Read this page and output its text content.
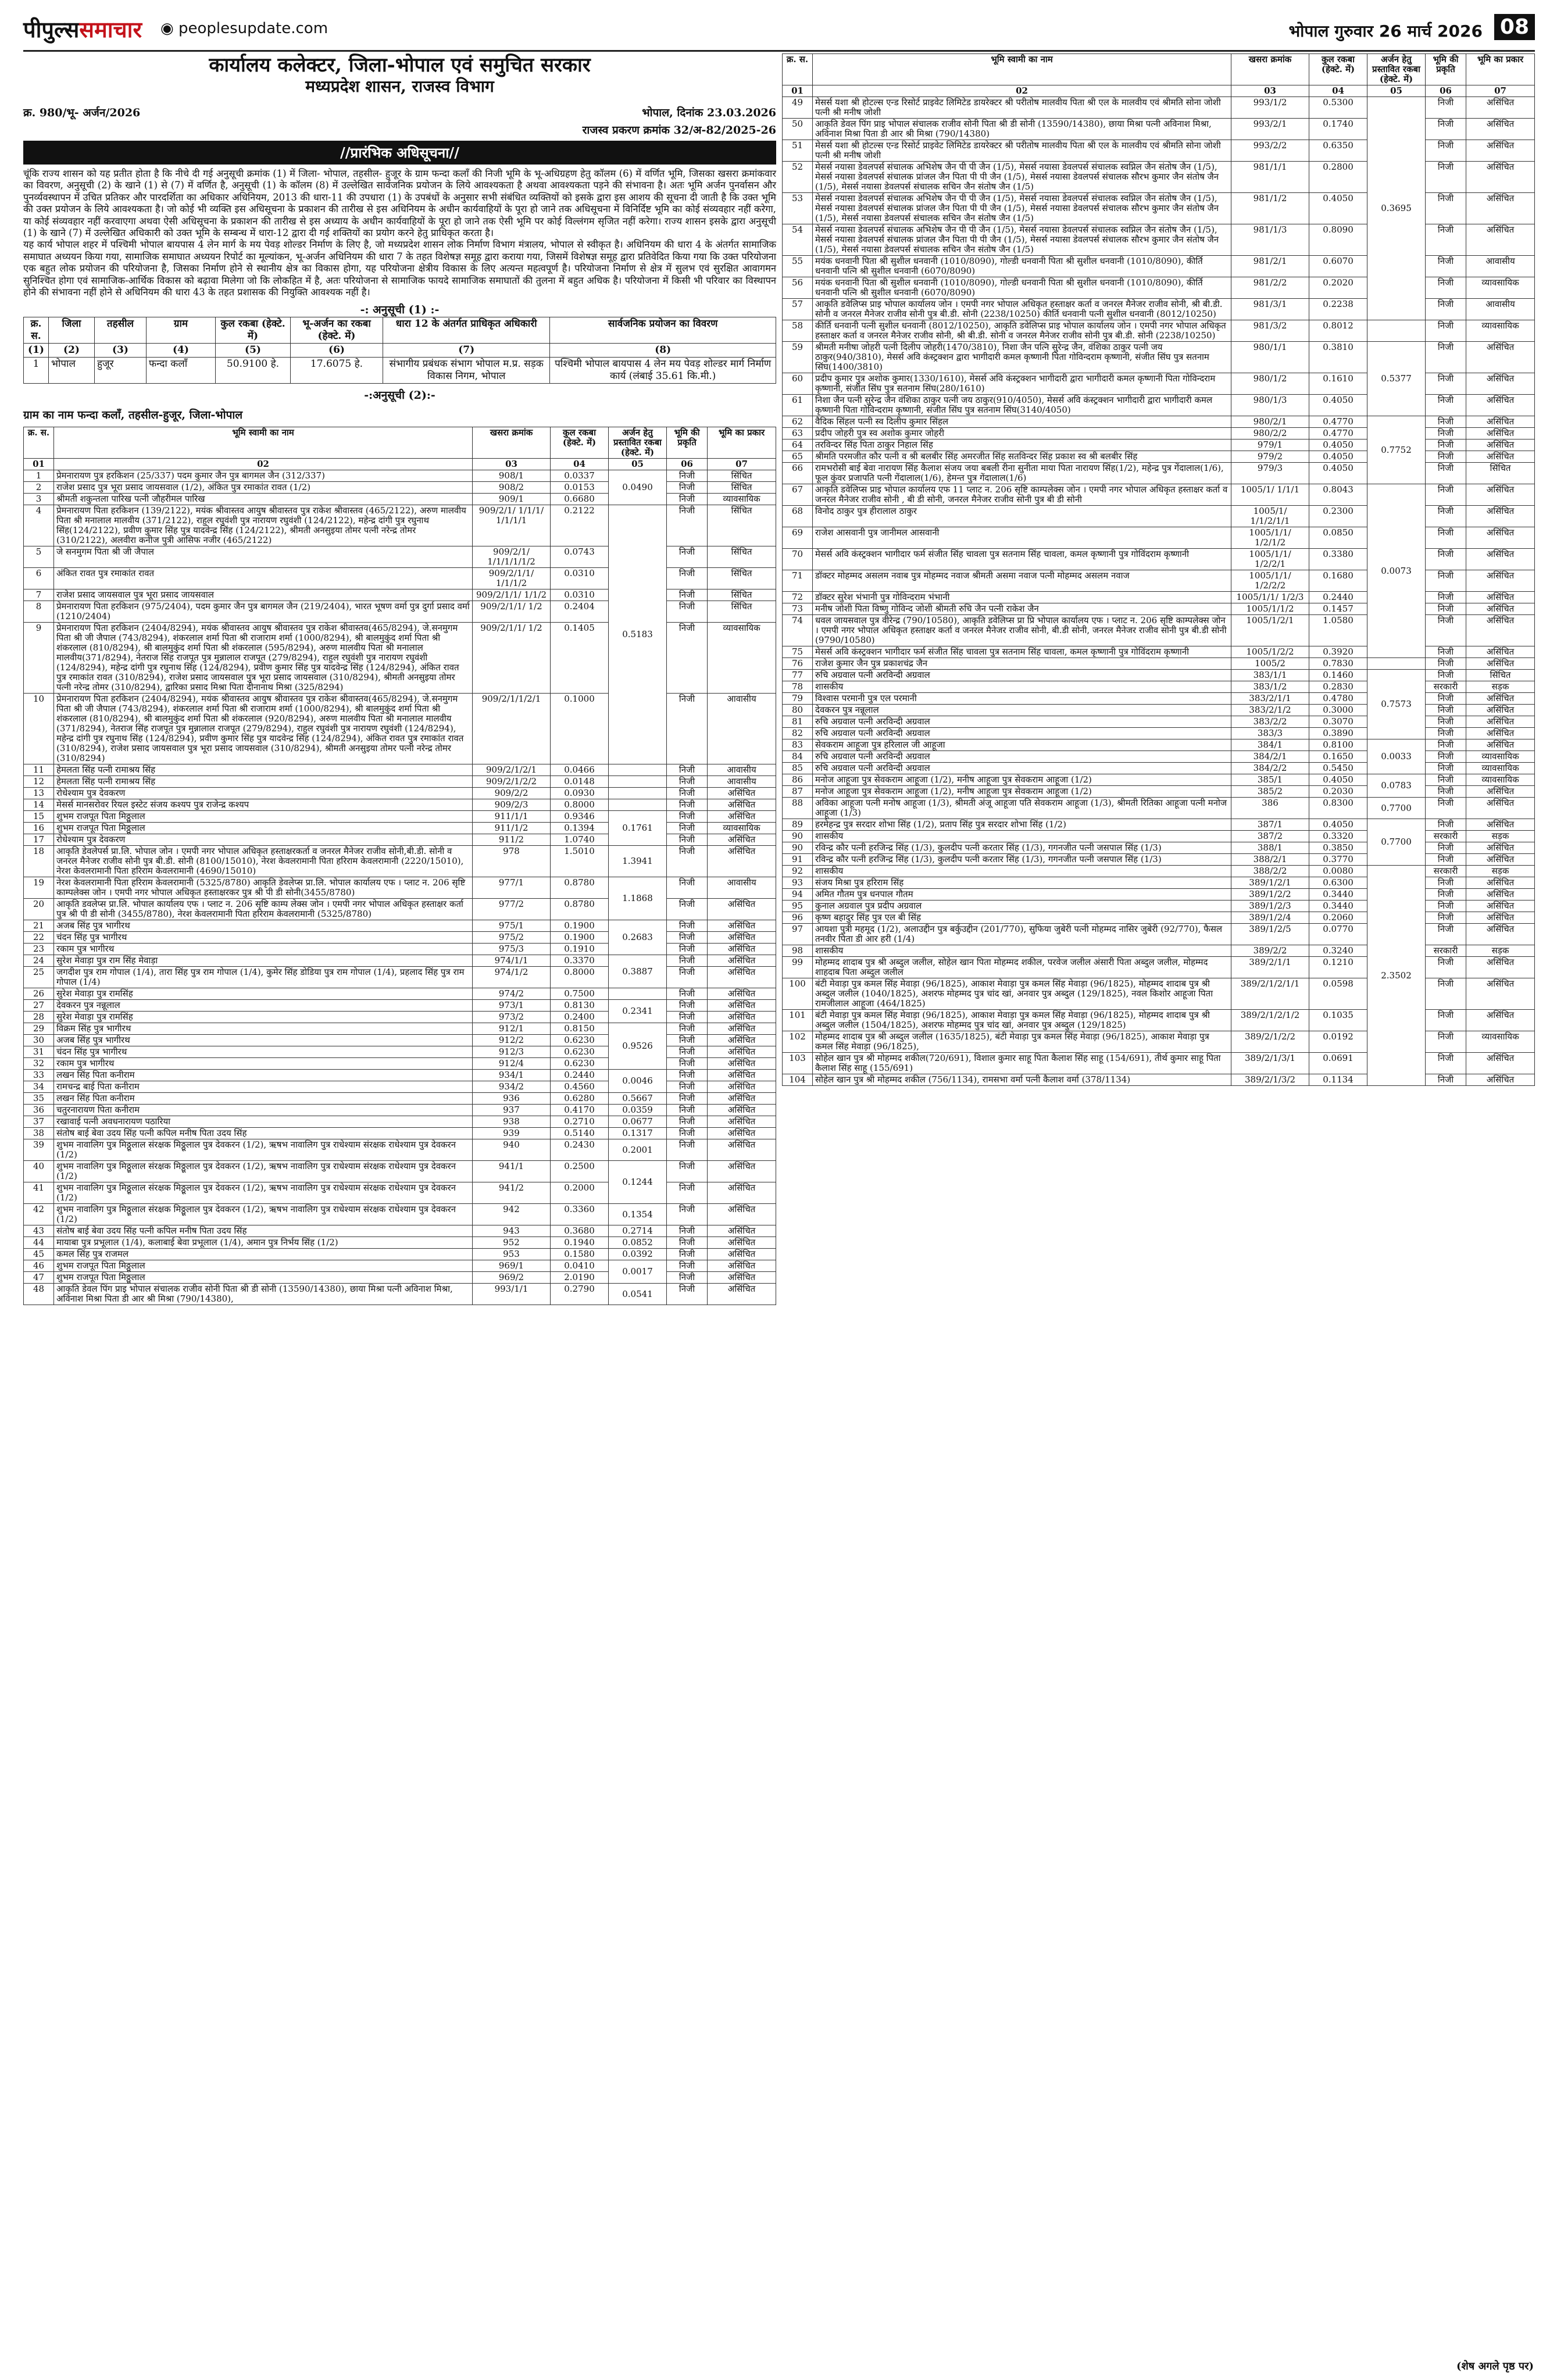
पीपुल्ससमाचार ◉ peoplesupdate.com	भोपाल गुरुवार 26 मार्च 2026 08
कार्यालय कलेक्टर, जिला-भोपाल एवं समुचित सरकार
मध्यप्रदेश शासन, राजस्व विभाग
क्र. 980/भू- अर्जन/2026	भोपाल, दिनांक 23.03.2026
राजस्व प्रकरण क्रमांक 32/अ-82/2025-26
//प्रारंभिक अधिसूचना//

चूंकि राज्य शासन को यह प्रतीत होता है कि नीचे दी गई अनुसूची क्रमांक (1) में जिला- भोपाल, तहसील- हुजूर के ग्राम फन्दा कलाँ की निजी भूमि के भू-अधिग्रहण हेतु कॉलम (6) में वर्णित भूमि, जिसका खसरा क्रमांकवार का विवरण, अनुसूची (2) के खाने (1) से (7) में वर्णित है, अनुसूची (1) के कॉलम (8) में उल्लेखित सार्वजनिक प्रयोजन के लिये आवश्यकता है अथवा आवश्यकता पड़ने की संभावना है। अतः भूमि अर्जन पुनर्वासन और पुनर्व्यवस्थापन में उचित प्रतिकर और पारदर्शिता का अधिकार अधिनियम, 2013 की धारा-11 की उपधारा (1) के उपबंधों के अनुसार सभी संबंधित व्यक्तियों को इसके द्वारा इस आशय की सूचना दी जाती है कि उक्त भूमि की उक्त प्रयोजन के लिये आवश्यकता है। जो कोई भी व्यक्ति इस अधिसूचना के प्रकाशन की तारीख से इस अधिनियम के अधीन कार्यवाहियों के पूरा हो जाने तक अधिसूचना में विनिर्दिष्ट भूमि का कोई संव्यवहार नहीं करेगा, या कोई संव्यवहार नहीं करवाएगा अथवा ऐसी अधिसूचना के प्रकाशन की तारीख से इस अध्याय के अधीन कार्यवाहियों के पूरा हो जाने तक ऐसी भूमि पर कोई विल्लंगम सृजित नहीं करेगा। राज्य शासन इसके द्वारा अनुसूची (1) के खाने (7) में उल्लेखित अधिकारी को उक्त भूमि के सम्बन्ध में धारा-12 द्वारा दी गई शक्तियों का प्रयोग करने हेतु प्राधिकृत करता है।

यह कार्य भोपाल शहर में पश्चिमी भोपाल बायपास 4 लेन मार्ग के मय पेवड़ शोल्डर निर्माण के लिए है, जो मध्यप्रदेश शासन लोक निर्माण विभाग मंत्रालय, भोपाल से स्वीकृत है। अधिनियम की धारा 4 के अंतर्गत सामाजिक समाघात अध्ययन किया गया, सामाजिक समाघात अध्ययन रिपोर्ट का मूल्यांकन, भू-अर्जन अधिनियम की धारा 7 के तहत विशेषज्ञ समूह द्वारा कराया गया, जिसमें विशेषज्ञ समूह द्वारा प्रतिवेदित किया गया कि उक्त परियोजना एक बहुत लोक प्रयोजन की परियोजना है, जिसका निर्माण होने से स्थानीय क्षेत्र का विकास होगा, यह परियोजना क्षेत्रीय विकास के लिए अत्यन्त महत्वपूर्ण है। परियोजना निर्माण से क्षेत्र में सुलभ एवं सुरक्षित आवागमन सुनिश्चित होगा एवं सामाजिक-आर्थिक विकास को बढ़ावा मिलेगा जो कि लोकहित में है, अतः परियोजना से सामाजिक फायदे सामाजिक समाघातों की तुलना में बहुत अधिक है। परियोजना में किसी भी परिवार का विस्थापन होने की संभावना नहीं होने से अधिनियम की धारा 43 के तहत प्रशासक की नियुक्ति आवश्यक नहीं है।

-: अनुसूची (1) :-
क्र. स.	जिला	तहसील	ग्राम	कुल रकबा (हेक्टे. में)	भू-अर्जन का रकबा (हेक्टे. में)	धारा 12 के अंतर्गत प्राधिकृत अधिकारी	सार्वजनिक प्रयोजन का विवरण
(1)	(2)	(3)	(4)	(5)	(6)	(7)	(8)
1	भोपाल	हुजूर	फन्दा कलाँ	50.9100 हे.	17.6075 हे.	संभागीय प्रबंधक संभाग भोपाल म.प्र. सड़क विकास निगम, भोपाल	पश्चिमी भोपाल बायपास 4 लेन मय पेवड़ शोल्डर मार्ग निर्माण कार्य (लंबाई 35.61 कि.मी.)
-:अनुसूची (2):-
ग्राम का नाम फन्दा कलाँ, तहसील-हुजूर, जिला-भोपाल
क्र. स.	भूमि स्वामी का नाम	खसरा क्रमांक	कुल रकबा (हेक्टे. में)	अर्जन हेतु प्रस्तावित रकबा (हेक्टे. में)	भूमि की प्रकृति	भूमि का प्रकार
01	02	03	04	05	06	07
1	प्रेमनारायण पुत्र हरकिशन (25/337) पदम कुमार जैन पुत्र बागमल जैन (312/337)	908/1	0.0337	0.0490	निजी	सिंचित
2	राजेश प्रसाद पुत्र भूरा प्रसाद जायसवाल (1/2), अंकित पुत्र रमाकांत रावत (1/2)	908/2	0.0153		निजी	सिंचित
3	श्रीमती शकुन्तला पारिख पत्नी जौहरीमल पारिख	909/1	0.6680		निजी	व्यावसायिक
4	प्रेमनारायण पिता हरकिशन (139/2122), मयंक श्रीवास्तव आयुष श्रीवास्तव पुत्र राकेश श्रीवास्तव (465/2122), अरुण मालवीय पिता श्री मनालाल मालवीय (371/2122), राहुल रघुवंशी पुत्र नारायण रघुवंशी (124/2122), महेन्द्र दांगी पुत्र रघुनाथ सिंह(124/2122), प्रवीण कुमार सिंह पुत्र यादवेन्द्र सिंह (124/2122), श्रीमती अनसुइया तोमर पत्नी नरेन्द्र तोमर (310/2122), अलवीरा कनीज पुत्री आसिफ नजीर (465/2122)	909/2/1/ 1/1/1/ 1/1/1/1	0.2122	0.5183	निजी	सिंचित
5	जे सनमुगम पिता श्री जी जैपाल	909/2/1/ 1/1/1/1/1/2	0.0743		निजी	सिंचित
6	अंकित रावत पुत्र रमाकांत रावत	909/2/1/1/ 1/1/1/2	0.0310		निजी	सिंचित
7	राजेश प्रसाद जायसवाल पुत्र भूरा प्रसाद जायसवाल	909/2/1/1/ 1/1/2	0.0310		निजी	सिंचित
8	प्रेमनारायण पिता हरकिशन (975/2404), पदम कुमार जैन पुत्र बागमल जैन (219/2404), भारत भूषण वर्मा पुत्र दुर्गा प्रसाद वर्मा (1210/2404)	909/2/1/1/ 1/2	0.2404		निजी	सिंचित
9	प्रेमनारायण पिता हरकिशन (2404/8294), मयंक श्रीवास्तव आयुष श्रीवास्तव पुत्र राकेश श्रीवास्तव(465/8294), जे.सनमुगम पिता श्री जी जैपाल (743/8294), शंकरलाल शर्मा पिता श्री राजाराम शर्मा (1000/8294), श्री बालमुकुंद शर्मा पिता श्री शंकरलाल (810/8294), श्री बालमुकुंद शर्मा पिता श्री शंकरलाल (595/8294), अरुण मालवीय पिता श्री मनालाल मालवीय(371/8294), नेतराज सिंह राजपूत पुत्र मुन्नालाल राजपूत (279/8294), राहुल रघुवंशी पुत्र नारायण रघुवंशी (124/8294), महेन्द्र दांगी पुत्र रघुनाथ सिंह (124/8294), प्रवीण कुमार सिंह पुत्र यादवेन्द्र सिंह (124/8294), अंकित रावत पुत्र रमाकांत रावत (310/8294), राजेश प्रसाद जायसवाल पुत्र भूरा प्रसाद जायसवाल (310/8294), श्रीमती अनसुइया तोमर पत्नी नरेन्द्र तोमर (310/8294), द्वारिका प्रसाद मिश्रा पिता दीनानाथ मिश्रा (325/8294)	909/2/1/1/ 1/2	0.1405		निजी	व्यावसायिक
10	प्रेमनारायण पिता हरकिशन (2404/8294), मयंक श्रीवास्तव आयुष श्रीवास्तव पुत्र राकेश श्रीवास्तव(465/8294), जे.सनमुगम पिता श्री जी जैपाल (743/8294), शंकरलाल शर्मा पिता श्री राजाराम शर्मा (1000/8294), श्री बालमुकुंद शर्मा पिता श्री शंकरलाल (810/8294), श्री बालमुकुंद शर्मा पिता श्री शंकरलाल (920/8294), अरुण मालवीय पिता श्री मनालाल मालवीय (371/8294), नेतराज सिंह राजपूत पुत्र मुन्नालाल राजपूत (279/8294), राहुल रघुवंशी पुत्र नारायण रघुवंशी (124/8294), महेन्द्र दांगी पुत्र रघुनाथ सिंह (124/8294), प्रवीण कुमार सिंह पुत्र यादवेन्द्र सिंह (124/8294), अंकित रावत पुत्र रमाकांत रावत (310/8294), राजेश प्रसाद जायसवाल पुत्र भूरा प्रसाद जायसवाल (310/8294), श्रीमती अनसुइया तोमर पत्नी नरेन्द्र तोमर (310/8294)	909/2/1/1/2/1	0.1000		निजी	आवासीय
11	हेमलता सिंह पत्नी रामाश्रय सिंह	909/2/1/2/1	0.0466		निजी	आवासीय
12	हेमलता सिंह पत्नी रामाश्रय सिंह	909/2/1/2/2	0.0148		निजी	आवासीय
13	रोधेश्याम पुत्र देवकरण	909/2/2	0.0930		निजी	असिंचित
14	मेसर्स मानसरोवर रियल इस्टेट संजय कश्यप पुत्र राजेन्द्र कश्यप	909/2/3	0.8000		निजी	असिंचित
15	शुभम राजपूत पिता मिठ्ठूलाल	911/1/1	0.9346	0.1761	निजी	असिंचित
16	शुभम राजपूत पिता मिठ्ठूलाल	911/1/2	0.1394		निजी	व्यावसायिक
17	रोधेश्याम पुत्र देवकरण	911/2	1.0740		निजी	असिंचित
18	आकृति डेवलेपर्स प्रा.लि. भोपाल जोन । एमपी नगर भोपाल अधिकृत हस्ताक्षरकर्ता व जनरल मैनेजर राजीव सोनी,बी.डी. सोनी व जनरल मैनेजर राजीव सोनी पुत्र बी.डी. सोनी (8100/15010), नेरश केवलरामानी पिता हरिराम केवलरामानी (2220/15010), नेरश केवलरामानी पिता हरिराम केवलरामानी (4690/15010)	978	1.5010	1.3941	निजी	असिंचित
19	नेरश केवलरामानी पिता हरिराम केवलरामानी (5325/8780) आकृति डेवलेप्स प्रा.लि. भोपाल कार्यालय एफ । प्लाट न. 206 सृष्टि काम्पलेक्स जोन । एमपी नगर भोपाल अधिकृत हस्ताक्षरकर पुत्र श्री पी डी सोनी(3455/8780)	977/1	0.8780	1.1868	निजी	आवासीय
20	आकृति डवलेप्स प्रा.लि. भोपाल कार्यालय एफ । प्लाट न. 206 सृष्टि काम्प लेक्स जोन । एमपी नगर भोपाल अधिकृत हस्ताक्षर कर्ता पुत्र श्री पी डी सोनी (3455/8780), नेरश केवलरामानी पिता हरिराम केवलरामानी (5325/8780)	977/2	0.8780		निजी	असिंचित
21	अजब सिंह पुत्र भागीरथ	975/1	0.1900	0.2683	निजी	असिंचित
22	चंदन सिंह पुत्र भागीरथ	975/2	0.1900		निजी	असिंचित
23	रकाम पुत्र भागीरथ	975/3	0.1910		निजी	असिंचित
24	सुरेश मेवाड़ा पुत्र राम सिंह मेवाड़ा	974/1/1	0.3370	0.3887	निजी	असिंचित
25	जगदीश पुत्र राम गोपाल (1/4), तारा सिंह पुत्र राम गोपाल (1/4), कुमेर सिंह डोडिया पुत्र राम गोपाल (1/4), प्रहलाद सिंह पुत्र राम गोपाल (1/4)	974/1/2	0.8000		निजी	असिंचित
26	सुरेश मेवाड़ा पुत्र रामसिंह	974/2	0.7500		निजी	असिंचित
27	देवकरन पुत्र नन्नूलाल	973/1	0.8130	0.2341	निजी	असिंचित
28	सुरेश मेवाड़ा पुत्र रामसिंह	973/2	0.2400		निजी	असिंचित
29	विक्रम सिंह पुत्र भागीरथ	912/1	0.8150	0.9526	निजी	असिंचित
30	अजब सिंह पुत्र भागीरथ	912/2	0.6230		निजी	असिंचित
31	चंदन सिंह पुत्र भागीरथ	912/3	0.6230		निजी	असिंचित
32	रकाम पुत्र भागीरथ	912/4	0.6230		निजी	असिंचित
33	लखन सिंह पिता कनीराम	934/1	0.2440	0.0046	निजी	असिंचित
34	रामचन्द्र बाई पिता कनीराम	934/2	0.4560		निजी	असिंचित
35	लखन सिंह पिता कनीराम	936	0.6280	0.5667	निजी	असिंचित
36	चतुरनारायण पिता कनीराम	937	0.4170	0.0359	निजी	असिंचित
37	रखावाई पत्नी अवधनारायण पठारिया	938	0.2710	0.0677	निजी	असिंचित
38	संतोष बाई बेवा उदय सिंह पत्नी कपिल मनीष पिता उदय सिंह	939	0.5140	0.1317	निजी	असिंचित
39	शुभम नावालिग पुत्र मिठ्ठूलाल संरक्षक मिठ्ठूलाल पुत्र देवकरन (1/2), ऋषभ नावालिग पुत्र राधेश्याम संरक्षक राधेश्याम पुत्र देवकरन (1/2)	940	0.2430	0.2001	निजी	असिंचित
40	शुभम नावालिग पुत्र मिठ्ठूलाल संरक्षक मिठ्ठूलाल पुत्र देवकरन (1/2), ऋषभ नावालिग पुत्र राधेश्याम संरक्षक राधेश्याम पुत्र देवकरन (1/2)	941/1	0.2500	0.1244	निजी	असिंचित
41	शुभम नावालिग पुत्र मिठ्ठूलाल संरक्षक मिठ्ठूलाल पुत्र देवकरन (1/2), ऋषभ नावालिग पुत्र राधेश्याम संरक्षक राधेश्याम पुत्र देवकरन (1/2)	941/2	0.2000		निजी	असिंचित
42	शुभम नावालिग पुत्र मिठ्ठूलाल संरक्षक मिठ्ठूलाल पुत्र देवकरन (1/2), ऋषभ नावालिग पुत्र राधेश्याम संरक्षक राधेश्याम पुत्र देवकरन (1/2)	942	0.3360	0.1354	निजी	असिंचित
43	संतोष बाई बेवा उदय सिंह पत्नी कपिल मनीष पिता उदय सिंह	943	0.3680	0.2714	निजी	असिंचित
44	मायाबा पुत्र प्रभूलाल (1/4), कलाबाई बेवा प्रभूलाल (1/4), अमान पुत्र निर्भय सिंह (1/2)	952	0.1940	0.0852	निजी	असिंचित
45	कमल सिंह पुत्र राजमल	953	0.1580	0.0392	निजी	असिंचित
46	शुभम राजपूत पिता मिठ्ठूलाल	969/1	0.0410	0.0017	निजी	असिंचित
47	शुभम राजपूत पिता मिठ्ठूलाल	969/2	2.0190		निजी	असिंचित
48	आकृति डेवल पिंग प्राइ भोपाल संचालक राजीव सोनी पिता श्री डी सोनी (13590/14380), छाया मिश्रा पत्नी अविनाश मिश्रा, अविनाश मिश्रा पिता डी आर श्री मिश्रा (790/14380),	993/1/1	0.2790	0.0541	निजी	असिंचित
क्र. स.	भूमि स्वामी का नाम	खसरा क्रमांक	कुल रकबा (हेक्टे. में)	अर्जन हेतु प्रस्तावित रकबा (हेक्टे. में)	भूमि की प्रकृति	भूमि का प्रकार
01	02	03	04	05	06	07
49	मेसर्स यशा श्री होटल्स एन्ड रिसोर्ट प्राइवेट लिमिटेड डायरेक्टर श्री परीतोष मालवीय पिता श्री एल के मालवीय एवं श्रीमति सोना जोशी पत्नी श्री मनीष जोशी	993/1/2	0.5300	0.3695	निजी	असिंचित
50	आकृति डेवल पिंग प्राइ भोपाल संचालक राजीव सोनी पिता श्री डी सोनी (13590/14380), छाया मिश्रा पत्नी अविनाश मिश्रा, अविनाश मिश्रा पिता डी आर श्री मिश्रा (790/14380)	993/2/1	0.1740		निजी	असिंचित
51	मेसर्स यशा श्री होटल्स एन्ड रिसोर्ट प्राइवेट लिमिटेड डायरेक्टर श्री परीतोष मालवीय पिता श्री एल के मालवीय एवं श्रीमति सोना जोशी पत्नी श्री मनीष जोशी	993/2/2	0.6350		निजी	असिंचित
52	मेसर्स नयासा डेवलपर्स संचालक अभिशेष जैन पी पी जैन (1/5), मेसर्स नयासा डेवलपर्स संचालक स्वप्निल जैन संतोष जैन (1/5), मेसर्स नयासा डेवलपर्स संचालक प्रांजल जैन पिता पी पी जैन (1/5), मेसर्स नयासा डेवलपर्स संचालक सौरभ कुमार जैन संतोष जैन (1/5), मेसर्स नयासा डेवलपर्स संचालक सचिन जैन संतोष जैन (1/5)	981/1/1	0.2800		निजी	असिंचित
53	मेसर्स नयासा डेवलपर्स संचालक अभिशेष जैन पी पी जैन (1/5), मेसर्स नयासा डेवलपर्स संचालक स्वप्निल जैन संतोष जैन (1/5), मेसर्स नयासा डेवलपर्स संचालक प्रांजल जैन पिता पी पी जैन (1/5), मेसर्स नयासा डेवलपर्स संचालक सौरभ कुमार जैन संतोष जैन (1/5), मेसर्स नयासा डेवलपर्स संचालक सचिन जैन संतोष जैन (1/5)	981/1/2	0.4050		निजी	असिंचित
54	मेसर्स नयासा डेवलपर्स संचालक अभिशेष जैन पी पी जैन (1/5), मेसर्स नयासा डेवलपर्स संचालक स्वप्निल जैन संतोष जैन (1/5), मेसर्स नयासा डेवलपर्स संचालक प्रांजल जैन पिता पी पी जैन (1/5), मेसर्स नयासा डेवलपर्स संचालक सौरभ कुमार जैन संतोष जैन (1/5), मेसर्स नयासा डेवलपर्स संचालक सचिन जैन संतोष जैन (1/5)	981/1/3	0.8090		निजी	असिंचित
55	मयंक धनवानी पिता श्री सुशील धनवानी (1010/8090), गोल्डी धनवानी पिता श्री सुशील धनवानी (1010/8090), कीर्ति धनवानी पत्नि श्री सुशील धनवानी (6070/8090)	981/2/1	0.6070		निजी	आवासीय
56	मयंक धनवानी पिता श्री सुशील धनवानी (1010/8090), गोल्डी धनवानी पिता श्री सुशील धनवानी (1010/8090), कीर्ति धनवानी पत्नि श्री सुशील धनवानी (6070/8090)	981/2/2	0.2020		निजी	व्यावसायिक
57	आकृति डवेलिप्स प्राइ भोपाल कार्यालय जोन । एमपी नगर भोपाल अधिकृत हस्ताक्षर कर्ता व जनरल मैनेजर राजीव सोनी, श्री बी.डी. सोनी व जनरल मैनेजर राजीव सोनी पुत्र बी.डी. सोनी (2238/10250) कीर्ति धनवानी पत्नी सुशील धनवानी (8012/10250)	981/3/1	0.2238		निजी	आवासीय
58	कीर्ति धनवानी पत्नी सुशील धनवानी (8012/10250), आकृति डवेलिप्स प्राइ भोपाल कार्यालय जोन । एमपी नगर भोपाल अधिकृत हस्ताक्षर कर्ता व जनरल मैनेजर राजीव सोनी, श्री बी.डी. सोनी व जनरल मैनेजर राजीव सोनी पुत्र बी.डी. सोनी (2238/10250)	981/3/2	0.8012		निजी	व्यावसायिक
59	श्रीमती मनीषा जोहरी पत्नी दिलीप जोहरी(1470/3810), निशा जैन पत्नि सुरेन्द्र जैन, वंशिका ठाकुर पत्नी जय ठाकुर(940/3810), मेसर्स अवि कंस्ट्रक्शन द्वारा भागीदारी कमल कृष्णानी पिता गोविन्दराम कृष्णानी, संजीत सिंघ पुत्र सतनाम सिंघ(1400/3810)	980/1/1	0.3810	0.5377	निजी	असिंचित
60	प्रदीप कुमार पुत्र अशोक कुमार(1330/1610), मेसर्स अवि कंस्ट्रक्शन भागीदारी द्वारा भागीदारी कमल कृष्णानी पिता गोविन्दराम कृष्णानी, संजीत सिंघ पुत्र सतनाम सिंघ(280/1610)	980/1/2	0.1610		निजी	असिंचित
61	निशा जैन पत्नी सुरेन्द्र जैन वंशिका ठाकुर पत्नी जय ठाकुर(910/4050), मेसर्स अवि कंस्ट्रक्शन भागीदारी द्वारा भागीदारी कमल कृष्णानी पिता गोविन्दराम कृष्णानी, संजीत सिंघ पुत्र सतनाम सिंघ(3140/4050)	980/1/3	0.4050		निजी	असिंचित
62	वैदिक सिंहल पत्नी स्व दिलीप कुमार सिंहल	980/2/1	0.4770	0.7752	निजी	असिंचित
63	प्रदीप जोहरी पुत्र स्व अशोक कुमार जोहरी	980/2/2	0.4770		निजी	असिंचित
64	तरविन्दर सिंह पिता ठाकुर निहाल सिंह	979/1	0.4050		निजी	असिंचित
65	श्रीमति परमजीत कौर पत्नी व श्री बलबीर सिंह अमरजीत सिंह सतविन्दर सिंह प्रकाश स्व श्री बलबीर सिंह	979/2	0.4050		निजी	असिंचित
66	रामभरोसी बाई बेवा नारायण सिंह कैलाश संजय जया बबली रीना सुनीता माया पिता नारायण सिंह(1/2), महेन्द्र पुत्र गेंदालाल(1/6), फूल कुंवर प्रजापति पत्नी गेंदालाल(1/6), हेमन्त पुत्र गेंदालाल(1/6)	979/3	0.4050		निजी	सिंचित
67	आकृति डवेलिप्स प्राइ भोपाल कार्यालय एफ 11 प्लाट न. 206 सृष्टि काम्पलेक्स जोन । एमपी नगर भोपाल अधिकृत हस्ताक्षर कर्ता व जनरल मैनेजर राजीव सोनी , बी डी सोनी, जनरल मैनेजर राजीव सोनी पुत्र बी डी सोनी	1005/1/ 1/1/1	0.8043	0.0073	निजी	असिंचित
68	विनोद ठाकुर पुत्र हीरालाल ठाकुर	1005/1/ 1/1/2/1/1	0.2300		निजी	असिंचित
69	राजेश आसवानी पुत्र जानीमल आसवानी	1005/1/1/ 1/2/1/2	0.0850		निजी	असिंचित
70	मेसर्स अवि कंस्ट्रक्शन भागीदार फर्म संजीत सिंह चावला पुत्र सतनाम सिंह चावला, कमल कृष्णानी पुत्र गोविंदराम कृष्णानी	1005/1/1/ 1/2/2/1	0.3380		निजी	असिंचित
71	डॉक्टर मोहम्मद असलम नवाब पुत्र मोहम्मद नवाज श्रीमती असमा नवाज पत्नी मोहम्मद असलम नवाज	1005/1/1/ 1/2/2/2	0.1680		निजी	असिंचित
72	डॉक्टर सुरेश भंभानी पुत्र गोविन्दराम भंभानी	1005/1/1/ 1/2/3	0.2440		निजी	असिंचित
73	मनीष जोशी पिता विष्णु गोविन्द जोशी श्रीमती रुचि जैन पत्नी राकेश जैन	1005/1/1/2	0.1457		निजी	असिंचित
74	धवल जायसवाल पुत्र वीरेन्द्र (790/10580), आकृति डवेलिप्स प्रा प्रि भोपाल कार्यालय एफ । प्लाट न. 206 सृष्टि काम्पलेक्स जोन । एमपी नगर भोपाल अधिकृत हस्ताक्षर कर्ता व जनरल मैनेजर राजीव सोनी, बी.डी सोनी, जनरल मैनेजर राजीव सोनी पुत्र बी.डी सोनी (9790/10580)	1005/1/2/1	1.0580		निजी	असिंचित
75	मेसर्स अवि कंस्ट्रक्शन भागीदार फर्म संजीत सिंह चावला पुत्र सतनाम सिंह चावला, कमल कृष्णानी पुत्र गोविंदराम कृष्णानी	1005/1/2/2	0.3920		निजी	असिंचित
76	राजेश कुमार जैन पुत्र प्रकाशचंद्र जैन	1005/2	0.7830		निजी	असिंचित
77	रुचि अग्रवाल पत्नी अरविन्दी अग्रवाल	383/1/1	0.1460	0.7573	निजी	सिंचित
78	शासकीय	383/1/2	0.2830		सरकारी	सड़क
79	विश्वास परमानी पुत्र एल परमानी	383/2/1/1	0.4780		निजी	असिंचित
80	देवकरन पुत्र नन्नूलाल	383/2/1/2	0.3000		निजी	असिंचित
81	रुचि अग्रवाल पत्नी अरविन्दी अग्रवाल	383/2/2	0.3070		निजी	असिंचित
82	रुचि अग्रवाल पत्नी अरविन्दी अग्रवाल	383/3	0.3890		निजी	असिंचित
83	सेवकराम आहूजा पुत्र हरिलाल जी आहूजा	384/1	0.8100	0.0033	निजी	असिंचित
84	रुचि अग्रवाल पत्नी अरविन्दी अग्रवाल	384/2/1	0.1650		निजी	व्यावसायिक
85	रुचि अग्रवाल पत्नी अरविन्दी अग्रवाल	384/2/2	0.5450		निजी	व्यावसायिक
86	मनोज आहूजा पुत्र सेवकराम आहूजा (1/2), मनीष आहूजा पुत्र सेवकराम आहूजा (1/2)	385/1	0.4050	0.0783	निजी	व्यावसायिक
87	मनोज आहूजा पुत्र सेवकराम आहूजा (1/2), मनीष आहूजा पुत्र सेवकराम आहूजा (1/2)	385/2	0.2030		निजी	असिंचित
88	अविका आहूजा पत्नी मनोष आहूजा (1/3), श्रीमती अंजू आहूजा पति सेवकराम आहूजा (1/3), श्रीमती रितिका आहूजा पत्नी मनोज आहूजा (1/3)	386	0.8300	0.7700	निजी	असिंचित
89	हरमेहन्द्र पुत्र सरदार शोभा सिंह (1/2), प्रताप सिंह पुत्र सरदार शोभा सिंह (1/2)	387/1	0.4050	0.7700	निजी	असिंचित
90	शासकीय	387/2	0.3320		सरकारी	सड़क
90	रविन्द्र कौर पत्नी हरजिन्द्र सिंह (1/3), कुलदीप पत्नी करतार सिंह (1/3), गगनजीत पत्नी जसपाल सिंह (1/3)	388/1	0.3850		निजी	असिंचित
91	रविन्द्र कौर पत्नी हरजिन्द्र सिंह (1/3), कुलदीप पत्नी करतार सिंह (1/3), गगनजीत पत्नी जसपाल सिंह (1/3)	388/2/1	0.3770		निजी	असिंचित
92	शासकीय	388/2/2	0.0080	2.3502	सरकारी	सड़क
93	संजय मिश्रा पुत्र हरिराम सिंह	389/1/2/1	0.6300		निजी	असिंचित
94	अमित गौतम पुत्र धनपाल गौतम	389/1/2/2	0.3440		निजी	असिंचित
95	कुनाल अग्रवाल पुत्र प्रदीप अग्रवाल	389/1/2/3	0.3440		निजी	असिंचित
96	कृष्ण बहादुर सिंह पुत्र एल बी सिंह	389/1/2/4	0.2060		निजी	असिंचित
97	आयशा पुत्री महमूद (1/2), अलाउद्दीन पुत्र बर्कुउद्दीन (201/770), सुफिया जुबेरी पत्नी मोहम्मद नासिर जुबेरी (92/770), फैसल तनवीर पिता डी आर हरी (1/4)	389/1/2/5	0.0770		निजी	असिंचित
98	शासकीय	389/2/2	0.3240		सरकारी	सड़क
99	मोहम्मद शादाब पुत्र श्री अब्दुल जलील, सोहेल खान पिता मोहम्मद शकील, परवेज जलील अंसारी पिता अब्दुल जलील, मोहम्मद शाहदाब पिता अब्दुल जलील	389/2/1/1	0.1210		निजी	असिंचित
100	बंटी मेवाड़ा पुत्र कमल सिंह मेवाड़ा (96/1825), आकाश मेवाड़ा पुत्र कमल सिंह मेवाड़ा (96/1825), मोहम्मद शादाब पुत्र श्री अब्दुल जलील (1040/1825), अशरफ मोहम्मद पुत्र चांद खां, अनवार पुत्र अब्दुल (129/1825), नवल किशोर आहूजा पिता रामजीलाल आहूजा (464/1825)	389/2/1/2/1/1	0.0598		निजी	असिंचित
101	बंटी मेवाड़ा पुत्र कमल सिंह मेवाड़ा (96/1825), आकाश मेवाड़ा पुत्र कमल सिंह मेवाड़ा (96/1825), मोहम्मद शादाब पुत्र श्री अब्दुल जलील (1504/1825), अशरफ मोहम्मद पुत्र चांद खां, अनवार पुत्र अब्दुल (129/1825)	389/2/1/2/1/2	0.1035		निजी	असिंचित
102	मोहम्मद शादाब पुत्र श्री अब्दुल जलील (1635/1825), बंटी मेवाड़ा पुत्र कमल सिंह मेवाड़ा (96/1825), आकाश मेवाड़ा पुत्र कमल सिंह मेवाड़ा (96/1825),	389/2/1/2/2	0.0192		निजी	व्यावसायिक
103	सोहेल खान पुत्र श्री मोहम्मद शकील(720/691), विशाल कुमार साहू पिता कैलाश सिंह साहू (154/691), तीर्थ कुमार साहू पिता कैलाश सिंह साहू (155/691)	389/2/1/3/1	0.0691		निजी	असिंचित
104	सोहेल खान पुत्र श्री मोहम्मद शकील (756/1134), रामसभा वर्मा पत्नी कैलाश वर्मा (378/1134)	389/2/1/3/2	0.1134		निजी	असिंचित
(शेष अगले पृष्ठ पर)
